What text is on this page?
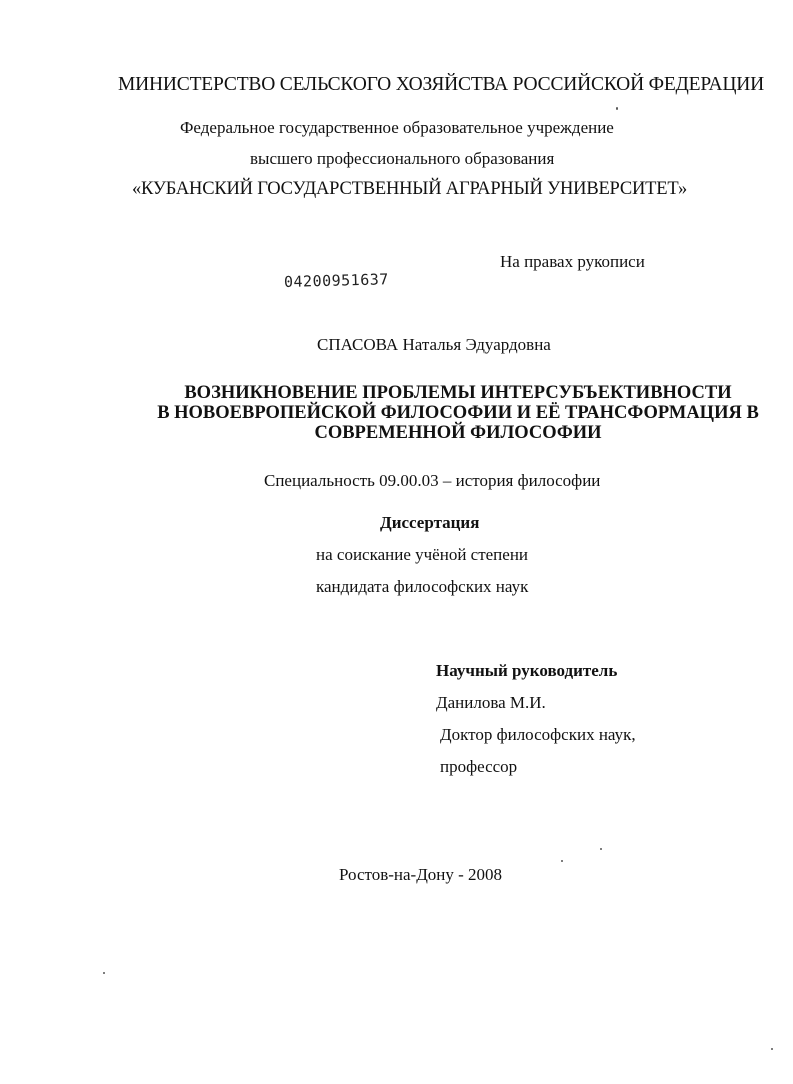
МИНИСТЕРСТВО СЕЛЬСКОГО ХОЗЯЙСТВА РОССИЙСКОЙ ФЕДЕРАЦИИ
Федеральное государственное образовательное учреждение
высшего профессионального образования
«КУБАНСКИЙ ГОСУДАРСТВЕННЫЙ АГРАРНЫЙ УНИВЕРСИТЕТ»
На правах рукописи
04200951637
СПАСОВА Наталья Эдуардовна
ВОЗНИКНОВЕНИЕ ПРОБЛЕМЫ ИНТЕРСУБЪЕКТИВНОСТИ
В НОВОЕВРОПЕЙСКОЙ ФИЛОСОФИИ И ЕЁ ТРАНСФОРМАЦИЯ В
СОВРЕМЕННОЙ ФИЛОСОФИИ
Специальность 09.00.03 – история философии
Диссертация
на соискание учёной степени
кандидата философских наук
Научный руководитель
Данилова М.И.
Доктор философских наук,
профессор
Ростов-на-Дону - 2008
